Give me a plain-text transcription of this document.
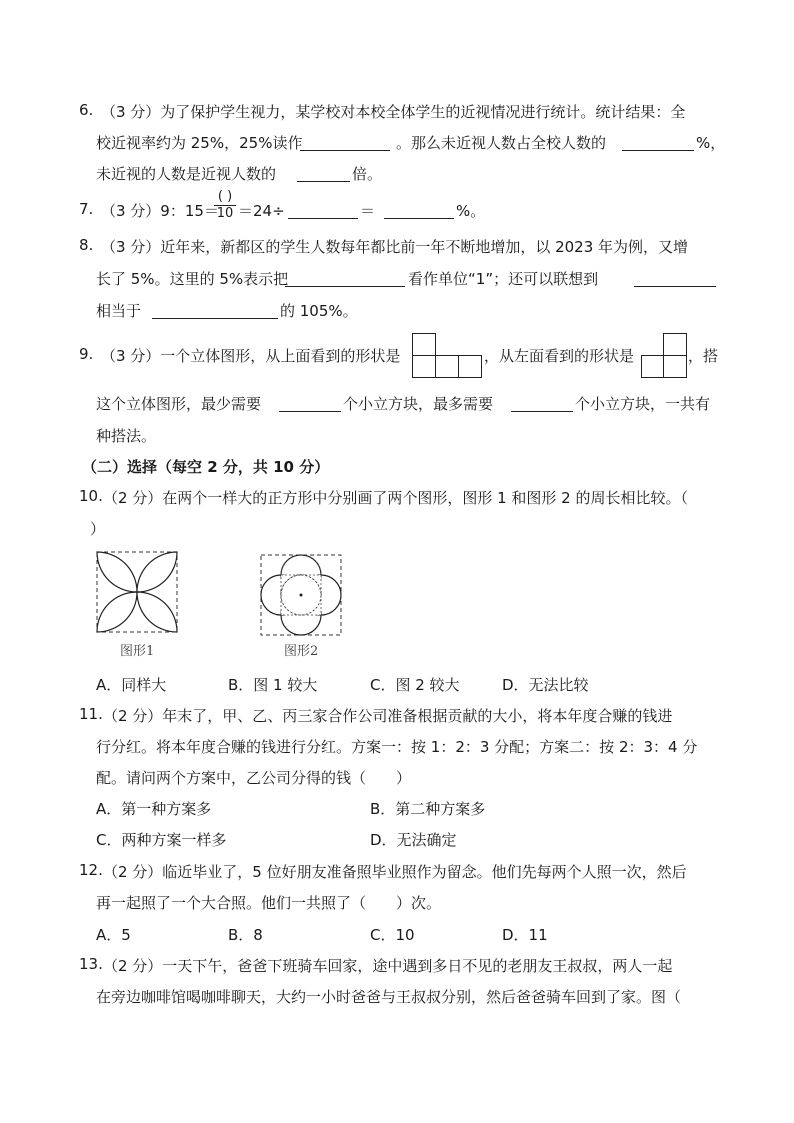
6. （3 分）为了保护学生视力，某学校对本校全体学生的近视情况进行统计。统计结果：全
校近视率约为 25%，25%读作	。那么未近视人数占全校人数的	%，
未近视的人数是近视人数的	倍。
7. （3 分）9：15＝
( )
10 ＝24÷	＝	%。
8. （3 分）近年来，新都区的学生人数每年都比前一年不断地增加，以 2023 年为例，又增
长了 5%。这里的 5%表示把	看作单位“1”；还可以联想到
相当于	的 105%。
9. （3 分）一个立体图形，从上面看到的形状是	，从左面看到的形状是	，搭
这个立体图形，最少需要	个小立方块，最多需要	个小立方块，一共有
种搭法。
（二）选择（每空 2 分，共 10 分）
10. （2 分）在两个一样大的正方形中分别画了两个图形，图形 1 和图形 2 的周长相比较。（
）
图形1	图形2
A．同样大	B．图 1 较大	C．图 2 较大	D．无法比较
11. （2 分）年末了，甲、乙、丙三家合作公司准备根据贡献的大小，将本年度合赚的钱进
行分红。将本年度合赚的钱进行分红。方案一：按 1：2：3 分配；方案二：按 2：3：4 分
配。请问两个方案中，乙公司分得的钱（　　）
A．第一种方案多	B．第二种方案多
C．两种方案一样多	D．无法确定
12. （2 分）临近毕业了，5 位好朋友准备照毕业照作为留念。他们先每两个人照一次，然后
再一起照了一个大合照。他们一共照了（　　）次。
A．5	B．8	C．10	D．11
13. （2 分）一天下午，爸爸下班骑车回家，途中遇到多日不见的老朋友王叔叔，两人一起
在旁边咖啡馆喝咖啡聊天，大约一小时爸爸与王叔叔分别，然后爸爸骑车回到了家。图（
